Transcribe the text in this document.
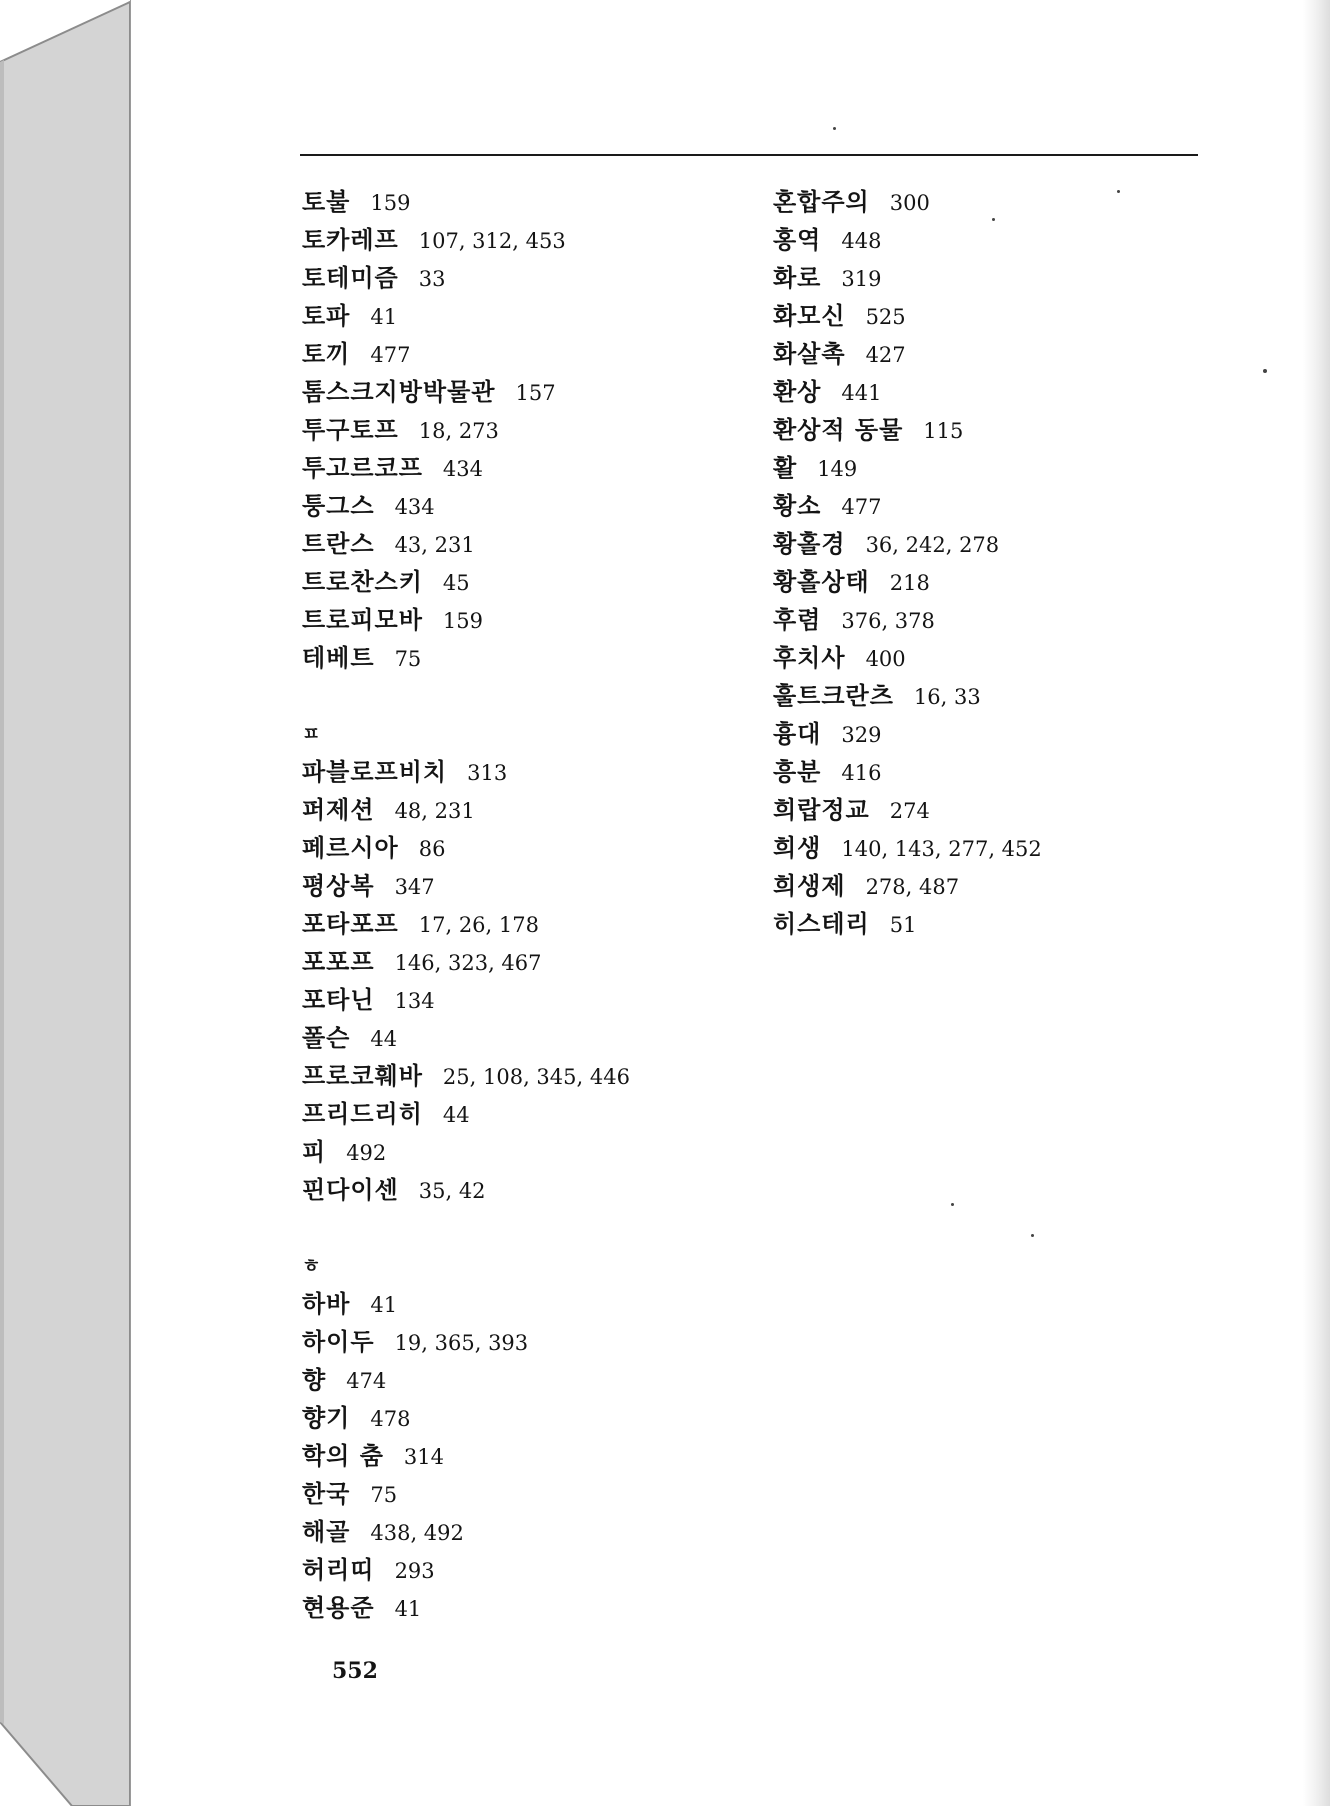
토불 159
토카레프 107, 312, 453
토테미즘 33
토파 41
토끼 477
톰스크지방박물관 157
투구토프 18, 273
투고르코프 434
퉁그스 434
트란스 43, 231
트로찬스키 45
트로피모바 159
테베트 75
ㅍ
파블로프비치 313
퍼제션 48, 231
페르시아 86
평상복 347
포타포프 17, 26, 178
포포프 146, 323, 467
포타닌 134
폴슨 44
프로코훼바 25, 108, 345, 446
프리드리히 44
피 492
핀다이센 35, 42
ㅎ
하바 41
하이두 19, 365, 393
향 474
향기 478
학의 춤 314
한국 75
해골 438, 492
허리띠 293
현용준 41
혼합주의 300
홍역 448
화로 319
화모신 525
화살촉 427
환상 441
환상적 동물 115
활 149
황소 477
황홀경 36, 242, 278
황홀상태 218
후렴 376, 378
후치사 400
훌트크란츠 16, 33
흉대 329
흥분 416
희랍정교 274
희생 140, 143, 277, 452
희생제 278, 487
히스테리 51
552
